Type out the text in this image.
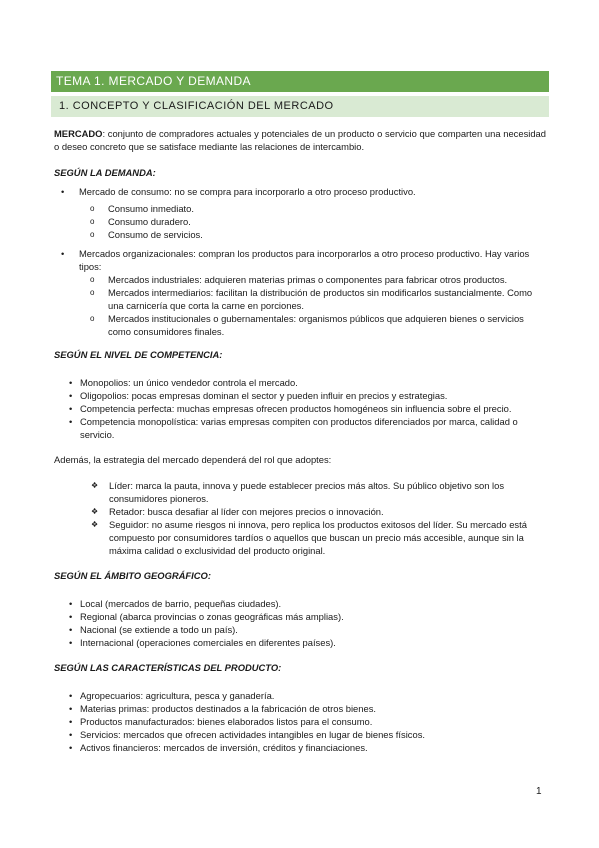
TEMA 1. MERCADO Y DEMANDA
1. CONCEPTO Y CLASIFICACIÓN DEL MERCADO

MERCADO: conjunto de compradores actuales y potenciales de un producto o servicio que comparten una necesidad o deseo concreto que se satisface mediante las relaciones de intercambio.

SEGÚN LA DEMANDA:

• Mercado de consumo: no se compra para incorporarlo a otro proceso productivo.
o Consumo inmediato.
o Consumo duradero.
o Consumo de servicios.
• Mercados organizacionales: compran los productos para incorporarlos a otro proceso productivo. Hay varios tipos:
o Mercados industriales: adquieren materias primas o componentes para fabricar otros productos.
o Mercados intermediarios: facilitan la distribución de productos sin modificarlos sustancialmente. Como una carnicería que corta la carne en porciones.
o Mercados institucionales o gubernamentales: organismos públicos que adquieren bienes o servicios como consumidores finales.

SEGÚN EL NIVEL DE COMPETENCIA:

• Monopolios: un único vendedor controla el mercado.
• Oligopolios: pocas empresas dominan el sector y pueden influir en precios y estrategias.
• Competencia perfecta: muchas empresas ofrecen productos homogéneos sin influencia sobre el precio.
• Competencia monopolística: varias empresas compiten con productos diferenciados por marca, calidad o servicio.

Además, la estrategia del mercado dependerá del rol que adoptes:

❖ Líder: marca la pauta, innova y puede establecer precios más altos. Su público objetivo son los consumidores pioneros.
❖ Retador: busca desafiar al líder con mejores precios o innovación.
❖ Seguidor: no asume riesgos ni innova, pero replica los productos exitosos del líder. Su mercado está compuesto por consumidores tardíos o aquellos que buscan un precio más accesible, aunque sin la máxima calidad o exclusividad del producto original.

SEGÚN EL ÁMBITO GEOGRÁFICO:

• Local (mercados de barrio, pequeñas ciudades).
• Regional (abarca provincias o zonas geográficas más amplias).
• Nacional (se extiende a todo un país).
• Internacional (operaciones comerciales en diferentes países).

SEGÚN LAS CARACTERÍSTICAS DEL PRODUCTO:

• Agropecuarios: agricultura, pesca y ganadería.
• Materias primas: productos destinados a la fabricación de otros bienes.
• Productos manufacturados: bienes elaborados listos para el consumo.
• Servicios: mercados que ofrecen actividades intangibles en lugar de bienes físicos.
• Activos financieros: mercados de inversión, créditos y financiaciones.
1
